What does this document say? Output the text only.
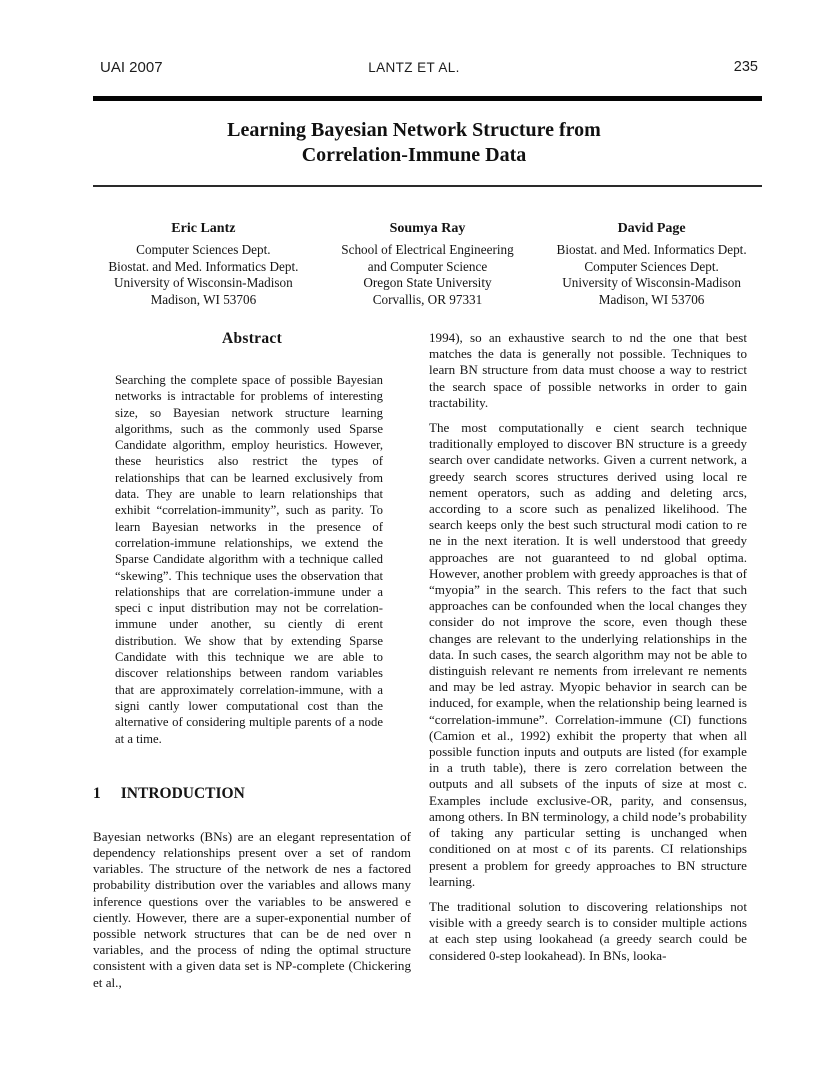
UAI 2007	LANTZ ET AL.	235
Learning Bayesian Network Structure from
Correlation-Immune Data
Eric Lantz
Computer Sciences Dept.
Biostat. and Med. Informatics Dept.
University of Wisconsin-Madison
Madison, WI 53706
Soumya Ray
School of Electrical Engineering
and Computer Science
Oregon State University
Corvallis, OR 97331
David Page
Biostat. and Med. Informatics Dept.
Computer Sciences Dept.
University of Wisconsin-Madison
Madison, WI 53706
Abstract
Searching the complete space of possible Bayesian networks is intractable for problems of interesting size, so Bayesian network structure learning algorithms, such as the commonly used Sparse Candidate algorithm, employ heuristics. However, these heuristics also restrict the types of relationships that can be learned exclusively from data. They are unable to learn relationships that exhibit “correlation-immunity”, such as parity. To learn Bayesian networks in the presence of correlation-immune relationships, we extend the Sparse Candidate algorithm with a technique called “skewing”. This technique uses the observation that relationships that are correlation-immune under a speci c input distribution may not be correlation-immune under another, su ciently di erent distribution. We show that by extending Sparse Candidate with this technique we are able to discover relationships between random variables that are approximately correlation-immune, with a signi cantly lower computational cost than the alternative of considering multiple parents of a node at a time.
1 INTRODUCTION

Bayesian networks (BNs) are an elegant representation of dependency relationships present over a set of random variables. The structure of the network de nes a factored probability distribution over the variables and allows many inference questions over the variables to be answered e ciently. However, there are a super-exponential number of possible network structures that can be de ned over n variables, and the process of nding the optimal structure consistent with a given data set is NP-complete (Chickering et al.,

1994), so an exhaustive search to nd the one that best matches the data is generally not possible. Techniques to learn BN structure from data must choose a way to restrict the search space of possible networks in order to gain tractability.

The most computationally e cient search technique traditionally employed to discover BN structure is a greedy search over candidate networks. Given a current network, a greedy search scores structures derived using local re nement operators, such as adding and deleting arcs, according to a score such as penalized likelihood. The search keeps only the best such structural modi cation to re ne in the next iteration. It is well understood that greedy approaches are not guaranteed to nd global optima. However, another problem with greedy approaches is that of “myopia” in the search. This refers to the fact that such approaches can be confounded when the local changes they consider do not improve the score, even though these changes are relevant to the underlying relationships in the data. In such cases, the search algorithm may not be able to distinguish relevant re nements from irrelevant re nements and may be led astray. Myopic behavior in search can be induced, for example, when the relationship being learned is “correlation-immune”. Correlation-immune (CI) functions (Camion et al., 1992) exhibit the property that when all possible function inputs and outputs are listed (for example in a truth table), there is zero correlation between the outputs and all subsets of the inputs of size at most c. Examples include exclusive-OR, parity, and consensus, among others. In BN terminology, a child node’s probability of taking any particular setting is unchanged when conditioned on at most c of its parents. CI relationships present a problem for greedy approaches to BN structure learning.

The traditional solution to discovering relationships not visible with a greedy search is to consider multiple actions at each step using lookahead (a greedy search could be considered 0-step lookahead). In BNs, looka-
